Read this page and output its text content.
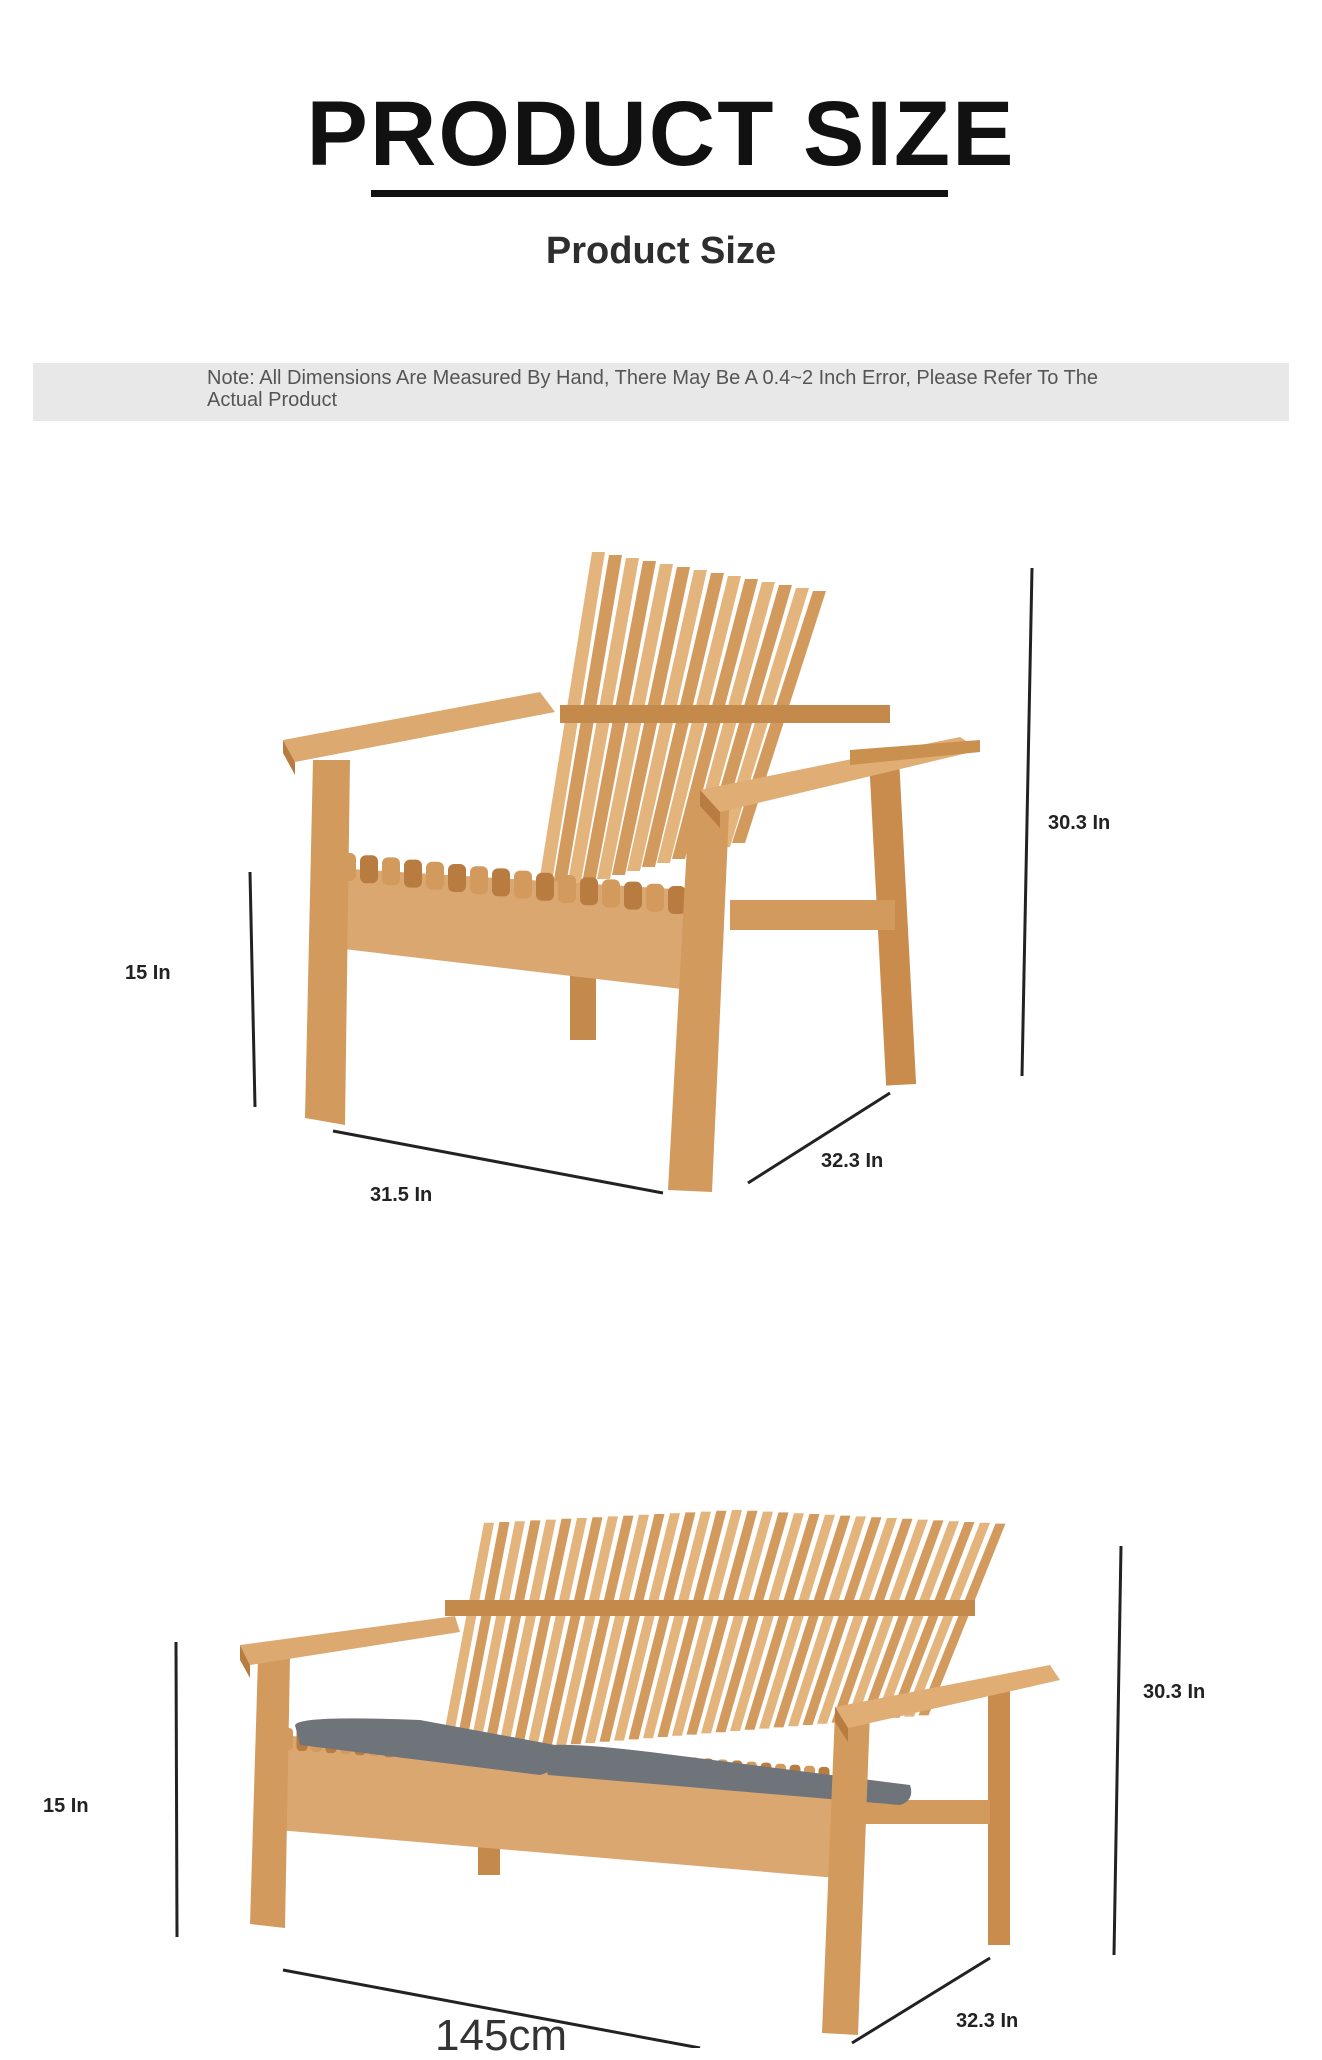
PRODUCT SIZE
Product Size
Note: All Dimensions Are Measured By Hand, There May Be A 0.4~2 Inch Error, Please Refer To The Actual Product
30.3 In
15 In
31.5 In
32.3 In
30.3 In
15 In
145cm	32.3 In
